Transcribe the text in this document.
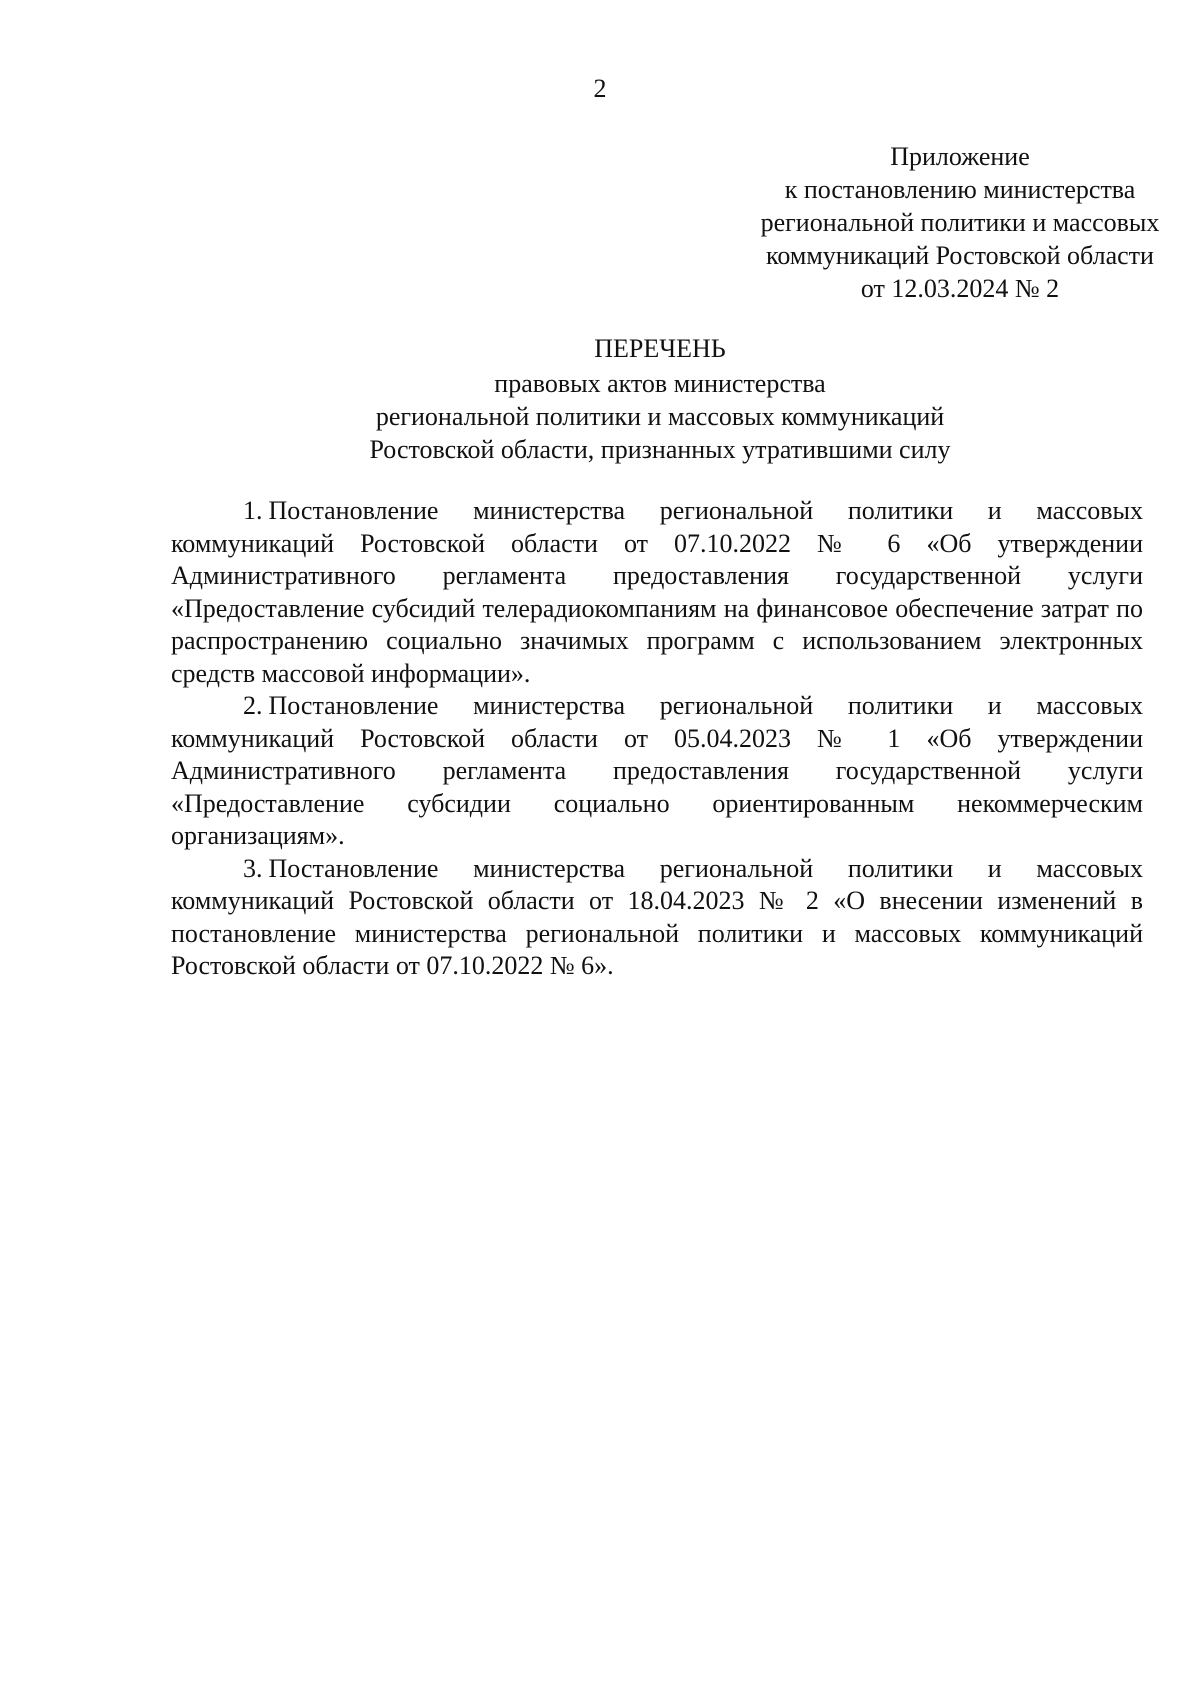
2
Приложение
к постановлению министерства
региональной политики и массовых
коммуникаций Ростовской области
от 12.03.2024 № 2
ПЕРЕЧЕНЬ
правовых актов министерства
региональной политики и массовых коммуникаций
Ростовской области, признанных утратившими силу

1. Постановление министерства региональной политики и массовых коммуникаций Ростовской области от 07.10.2022 № 6 «Об утверждении Административного регламента предоставления государственной услуги «Предоставление субсидий телерадиокомпаниям на финансовое обеспечение затрат по распространению социально значимых программ с использованием электронных средств массовой информации».

2. Постановление министерства региональной политики и массовых коммуникаций Ростовской области от 05.04.2023 № 1 «Об утверждении Административного регламента предоставления государственной услуги «Предоставление субсидии социально ориентированным некоммерческим организациям».

3. Постановление министерства региональной политики и массовых коммуникаций Ростовской области от 18.04.2023 № 2 «О внесении изменений в постановление министерства региональной политики и массовых коммуникаций Ростовской области от 07.10.2022 № 6».
